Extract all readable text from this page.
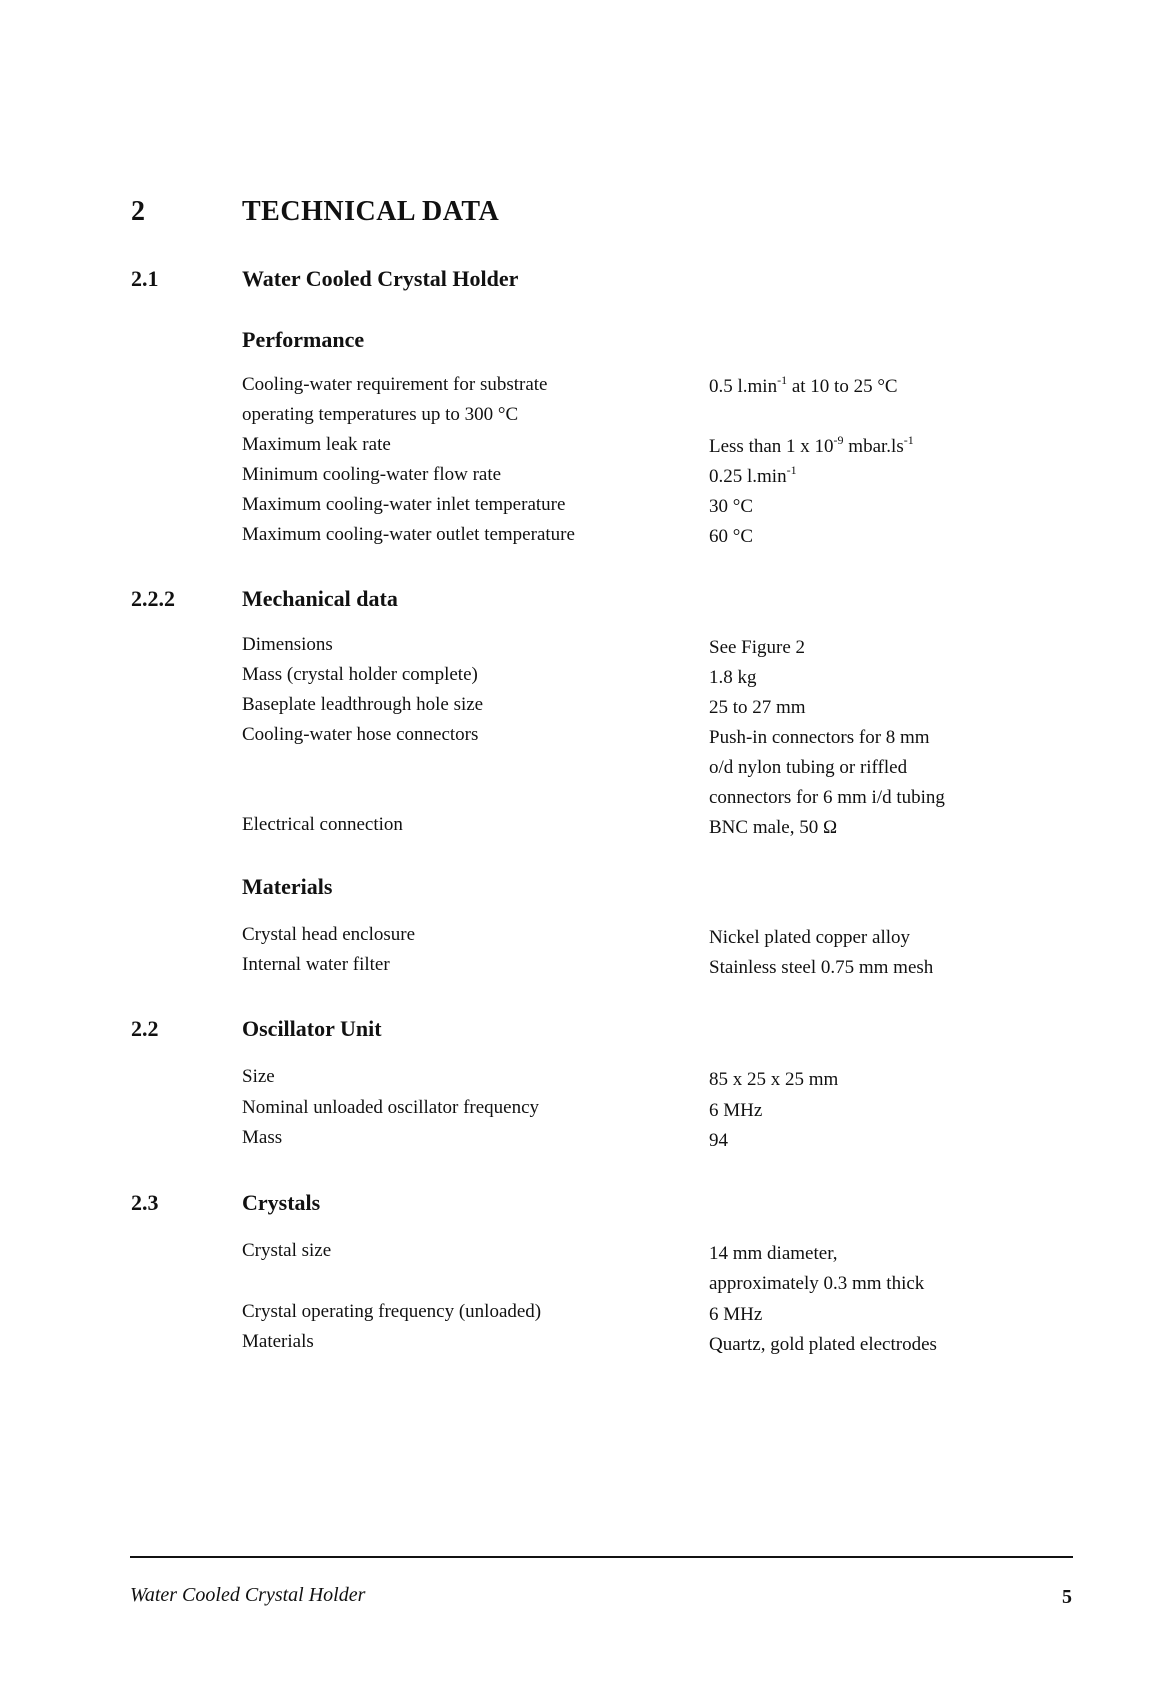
2	TECHNICAL DATA
2.1	Water Cooled Crystal Holder
Performance
Cooling-water requirement for substrate	0.5 $l.\min^{-1}$ at 10 to 25 °C
operating temperatures up to 300 °C
Maximum leak rate	Less than 1 x $10^{-9}$ $mbar.ls^{-1}$
Minimum cooling-water flow rate	0.25 $l.\min^{-1}$
Maximum cooling-water inlet temperature	30 °C
Maximum cooling-water outlet temperature	60 °C
2.2.2	Mechanical data
Dimensions	See Figure 2
Mass (crystal holder complete)	1.8 kg
Baseplate leadthrough hole size	25 to 27 mm
Cooling-water hose connectors	Push-in connectors for 8 mm
o/d nylon tubing or riffled
connectors for 6 mm i/d tubing
Electrical connection	BNC male, 50 Ω
Materials
Crystal head enclosure	Nickel plated copper alloy
Internal water filter	Stainless steel 0.75 mm mesh
2.2	Oscillator Unit
Size	85 x 25 x 25 mm
Nominal unloaded oscillator frequency	6 MHz
Mass	94
2.3	Crystals
Crystal size	14 mm diameter,
approximately 0.3 mm thick
Crystal operating frequency (unloaded)	6 MHz
Materials	Quartz, gold plated electrodes
Water Cooled Crystal Holder	5
